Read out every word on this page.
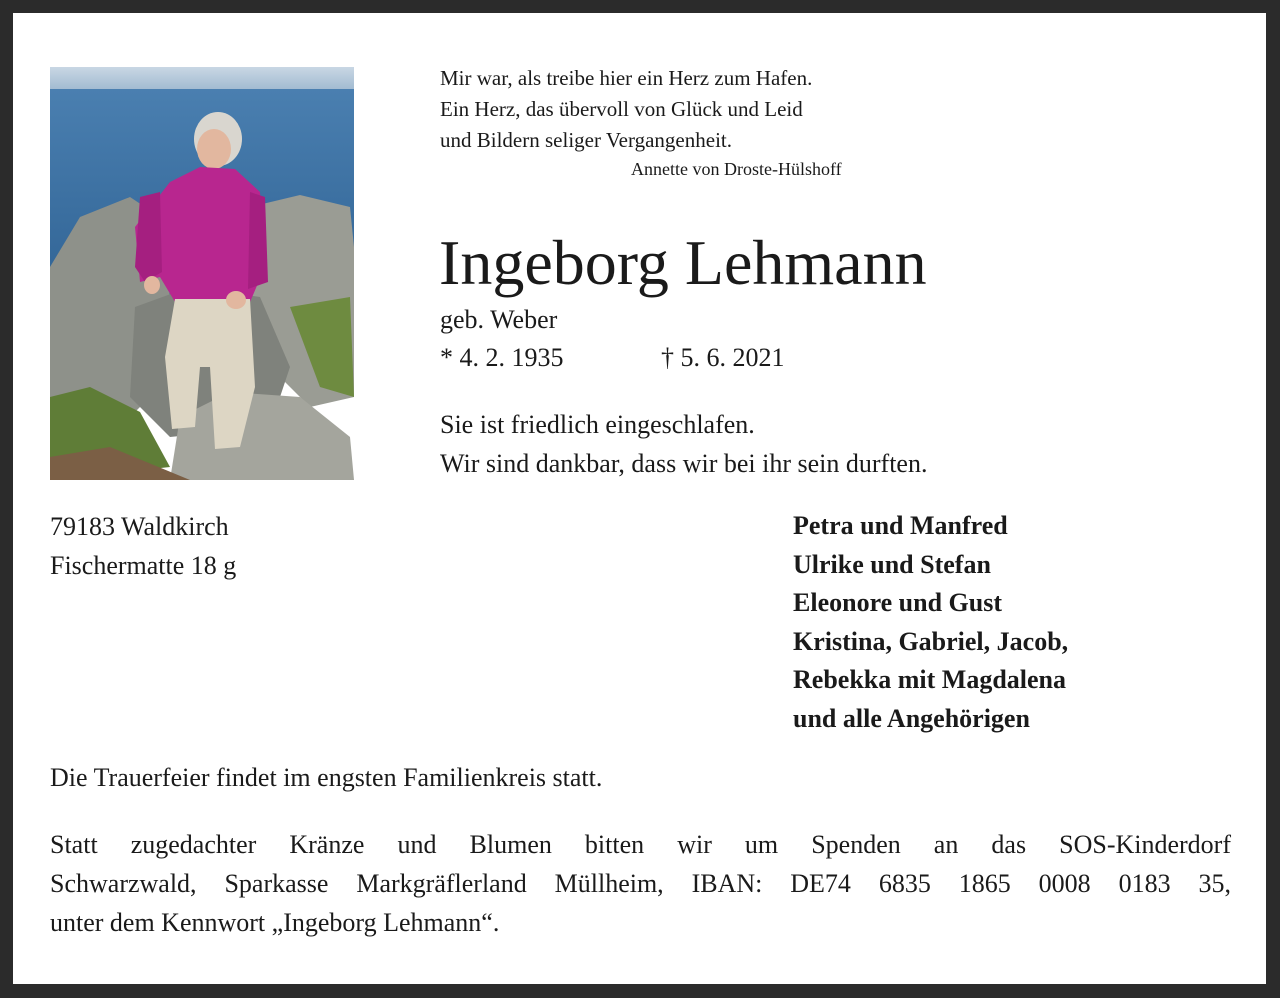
Mir war, als treibe hier ein Herz zum Hafen.
Ein Herz, das übervoll von Glück und Leid
und Bildern seliger Vergangenheit.
Annette von Droste-Hülshoff
Ingeborg Lehmann
geb. Weber
* 4. 2. 1935	† 5. 6. 2021
Sie ist friedlich eingeschlafen.
Wir sind dankbar, dass wir bei ihr sein durften.
79183 Waldkirch
Fischermatte 18 g
Petra und Manfred
Ulrike und Stefan
Eleonore und Gust
Kristina, Gabriel, Jacob,
Rebekka mit Magdalena
und alle Angehörigen
Die Trauerfeier findet im engsten Familienkreis statt.
Statt zugedachter Kränze und Blumen bitten wir um Spenden an das SOS-Kinderdorf
Schwarzwald, Sparkasse Markgräflerland Müllheim, IBAN: DE74 6835 1865 0008 0183 35,
unter dem Kennwort „Ingeborg Lehmann“.
